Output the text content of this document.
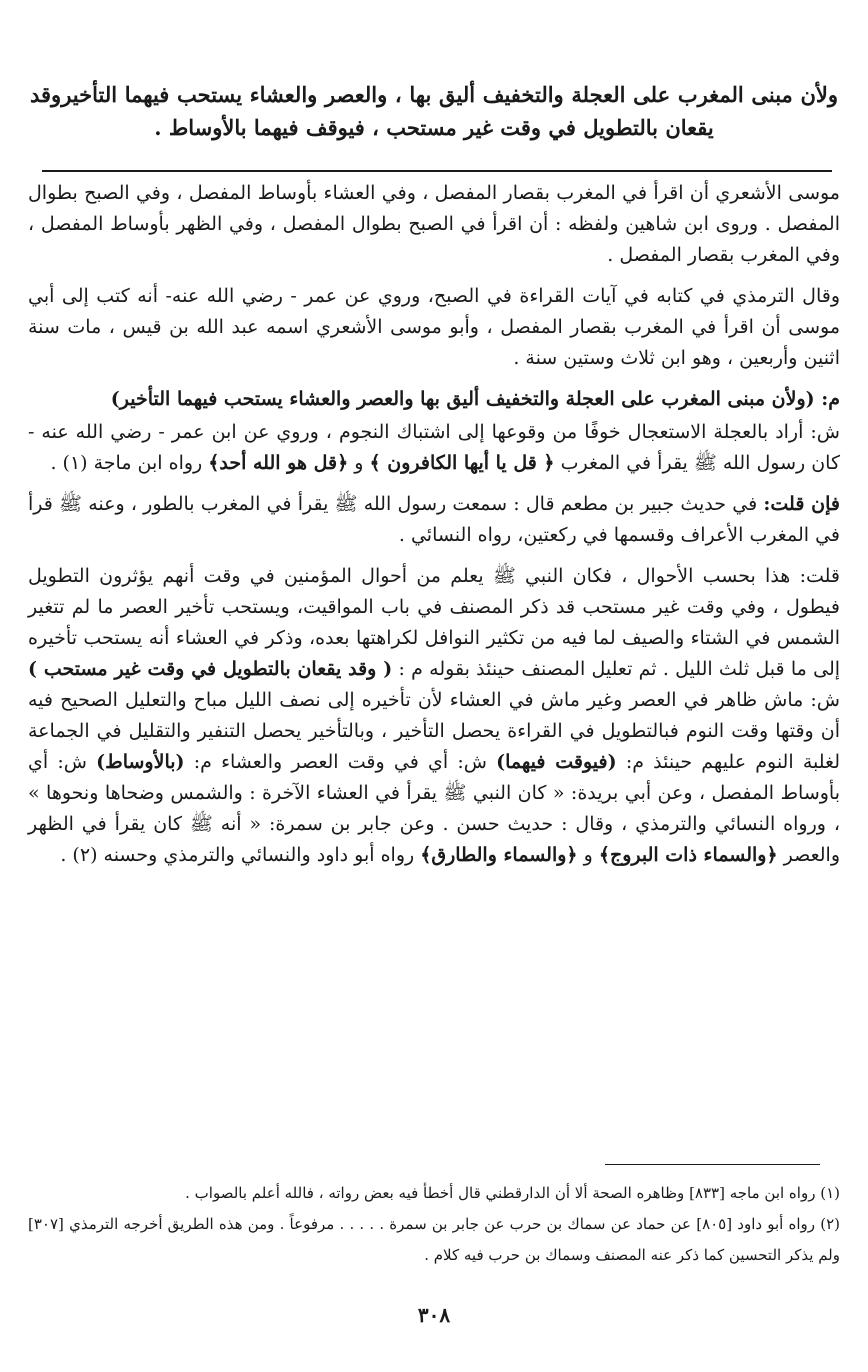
ولأن مبنى المغرب على العجلة والتخفيف أليق بها ، والعصر والعشاء يستحب فيهما التأخيروقد يقعان بالتطويل في وقت غير مستحب ، فيوقف فيهما بالأوساط .

موسى الأشعري أن اقرأ في المغرب بقصار المفصل ، وفي العشاء بأوساط المفصل ، وفي الصبح بطوال المفصل . وروى ابن شاهين ولفظه : أن اقرأ في الصبح بطوال المفصل ، وفي الظهر بأوساط المفصل ، وفي المغرب بقصار المفصل .

وقال الترمذي في كتابه في آيات القراءة في الصبح، وروي عن عمر - رضي الله عنه- أنه كتب إلى أبي موسى أن اقرأ في المغرب بقصار المفصل ، وأبو موسى الأشعري اسمه عبد الله بن قيس ، مات سنة اثنين وأربعين ، وهو ابن ثلاث وستين سنة .

م: (ولأن مبنى المغرب على العجلة والتخفيف أليق بها والعصر والعشاء يستحب فيهما التأخير)

ش: أراد بالعجلة الاستعجال خوفًا من وقوعها إلى اشتباك النجوم ، وروي عن ابن عمر - رضي الله عنه - كان رسول الله ﷺ يقرأ في المغرب ﴿ قل يا أيها الكافرون ﴾ و ﴿قل هو الله أحد﴾ رواه ابن ماجة (١) .

فإن قلت: في حديث جبير بن مطعم قال : سمعت رسول الله ﷺ يقرأ في المغرب بالطور ، وعنه ﷺ قرأ في المغرب الأعراف وقسمها في ركعتين، رواه النسائي .

قلت: هذا بحسب الأحوال ، فكان النبي ﷺ يعلم من أحوال المؤمنين في وقت أنهم يؤثرون التطويل فيطول ، وفي وقت غير مستحب قد ذكر المصنف في باب المواقيت، ويستحب تأخير العصر ما لم تتغير الشمس في الشتاء والصيف لما فيه من تكثير النوافل لكراهتها بعده، وذكر في العشاء أنه يستحب تأخيره إلى ما قبل ثلث الليل . ثم تعليل المصنف حينئذ بقوله م : ( وقد يقعان بالتطويل في وقت غير مستحب ) ش: ماش ظاهر في العصر وغير ماش في العشاء لأن تأخيره إلى نصف الليل مباح والتعليل الصحيح فيه أن وقتها وقت النوم فبالتطويل في القراءة يحصل التأخير ، وبالتأخير يحصل التنفير والتقليل في الجماعة لغلبة النوم عليهم حينئذ م: (فيوقت فيهما) ش: أي في وقت العصر والعشاء م: (بالأوساط) ش: أي بأوساط المفصل ، وعن أبي بريدة: « كان النبي ﷺ يقرأ في العشاء الآخرة : والشمس وضحاها ونحوها » ، ورواه النسائي والترمذي ، وقال : حديث حسن . وعن جابر بن سمرة: « أنه ﷺ كان يقرأ في الظهر والعصر ﴿والسماء ذات البروج﴾ و ﴿والسماء والطارق﴾ رواه أبو داود والنسائي والترمذي وحسنه (٢) .

(١) رواه ابن ماجه [٨٣٣] وظاهره الصحة ألا أن الدارقطني قال أخطأ فيه بعض رواته ، فالله أعلم بالصواب .

(٢) رواه أبو داود [٨٠٥] عن حماد عن سماك بن حرب عن جابر بن سمرة . . . . . مرفوعاً . ومن هذه الطريق أخرجه الترمذي [٣٠٧] ولم يذكر التحسين كما ذكر عنه المصنف وسماك بن حرب فيه كلام .

٣٠٨
